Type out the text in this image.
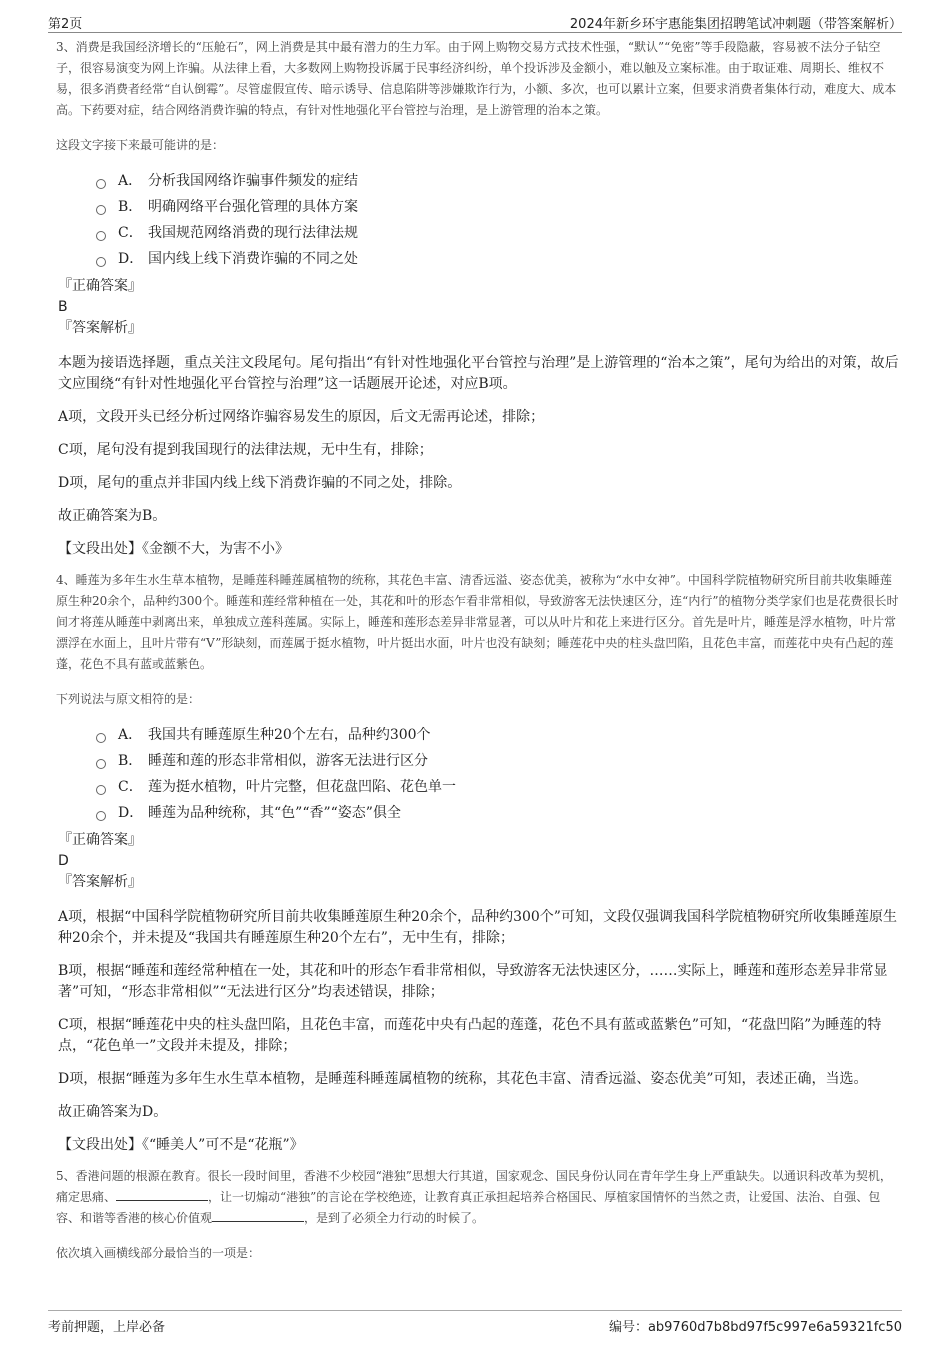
第2页	2024年新乡环宇惠能集团招聘笔试冲刺题（带答案解析）

3、消费是我国经济增长的“压舱石”，网上消费是其中最有潜力的生力军。由于网上购物交易方式技术性强，“默认”“免密”等手段隐蔽，容易被不法分子钻空子，很容易演变为网上诈骗。从法律上看，大多数网上购物投诉属于民事经济纠纷，单个投诉涉及金额小，难以触及立案标准。由于取证难、周期长、维权不易，很多消费者经常“自认倒霉”。尽管虚假宣传、暗示诱导、信息陷阱等涉嫌欺诈行为，小额、多次，也可以累计立案，但要求消费者集体行动，难度大、成本高。下药要对症，结合网络消费诈骗的特点，有针对性地强化平台管控与治理，是上游管理的治本之策。

这段文字接下来最可能讲的是：

A． 分析我国网络诈骗事件频发的症结
B． 明确网络平台强化管理的具体方案
C． 我国规范网络消费的现行法律法规
D． 国内线上线下消费诈骗的不同之处

『正确答案』

B

『答案解析』

本题为接语选择题，重点关注文段尾句。尾句指出“有针对性地强化平台管控与治理”是上游管理的“治本之策”，尾句为给出的对策，故后文应围绕“有针对性地强化平台管控与治理”这一话题展开论述，对应B项。

A项，文段开头已经分析过网络诈骗容易发生的原因，后文无需再论述，排除；

C项，尾句没有提到我国现行的法律法规，无中生有，排除；

D项，尾句的重点并非国内线上线下消费诈骗的不同之处，排除。

故正确答案为B。

【文段出处】《金额不大，为害不小》

4、睡莲为多年生水生草本植物，是睡莲科睡莲属植物的统称，其花色丰富、清香远溢、姿态优美，被称为“水中女神”。中国科学院植物研究所目前共收集睡莲原生种20余个，品种约300个。睡莲和莲经常种植在一处，其花和叶的形态乍看非常相似，导致游客无法快速区分，连“内行”的植物分类学家们也是花费很长时间才将莲从睡莲中剥离出来，单独成立莲科莲属。实际上，睡莲和莲形态差异非常显著，可以从叶片和花上来进行区分。首先是叶片，睡莲是浮水植物，叶片常漂浮在水面上，且叶片带有“V”形缺刻，而莲属于挺水植物，叶片挺出水面，叶片也没有缺刻；睡莲花中央的柱头盘凹陷，且花色丰富，而莲花中央有凸起的莲蓬，花色不具有蓝或蓝紫色。

下列说法与原文相符的是：

A． 我国共有睡莲原生种20个左右，品种约300个
B． 睡莲和莲的形态非常相似，游客无法进行区分
C． 莲为挺水植物，叶片完整，但花盘凹陷、花色单一
D． 睡莲为品种统称，其“色”“香”“姿态”俱全

『正确答案』

D

『答案解析』

A项，根据“中国科学院植物研究所目前共收集睡莲原生种20余个，品种约300个”可知，文段仅强调我国科学院植物研究所收集睡莲原生种20余个，并未提及“我国共有睡莲原生种20个左右”，无中生有，排除；

B项，根据“睡莲和莲经常种植在一处，其花和叶的形态乍看非常相似，导致游客无法快速区分，……实际上，睡莲和莲形态差异非常显著”可知，“形态非常相似”“无法进行区分”均表述错误，排除；

C项，根据“睡莲花中央的柱头盘凹陷，且花色丰富，而莲花中央有凸起的莲蓬，花色不具有蓝或蓝紫色”可知，“花盘凹陷”为睡莲的特点，“花色单一”文段并未提及，排除；

D项，根据“睡莲为多年生水生草本植物，是睡莲科睡莲属植物的统称，其花色丰富、清香远溢、姿态优美”可知，表述正确，当选。

故正确答案为D。

【文段出处】《“睡美人”可不是“花瓶”》

5、香港问题的根源在教育。很长一段时间里，香港不少校园“港独”思想大行其道，国家观念、国民身份认同在青年学生身上严重缺失。以通识科改革为契机，痛定思痛、	，让一切煽动“港独”的言论在学校绝迹，让教育真正承担起培养合格国民、厚植家国情怀的当然之责，让爱国、法治、自强、包容、和谐等香港的核心价值观	，是到了必须全力行动的时候了。

依次填入画横线部分最恰当的一项是：

考前押题，上岸必备	编号：ab9760d7b8bd97f5c997e6a59321fc50
